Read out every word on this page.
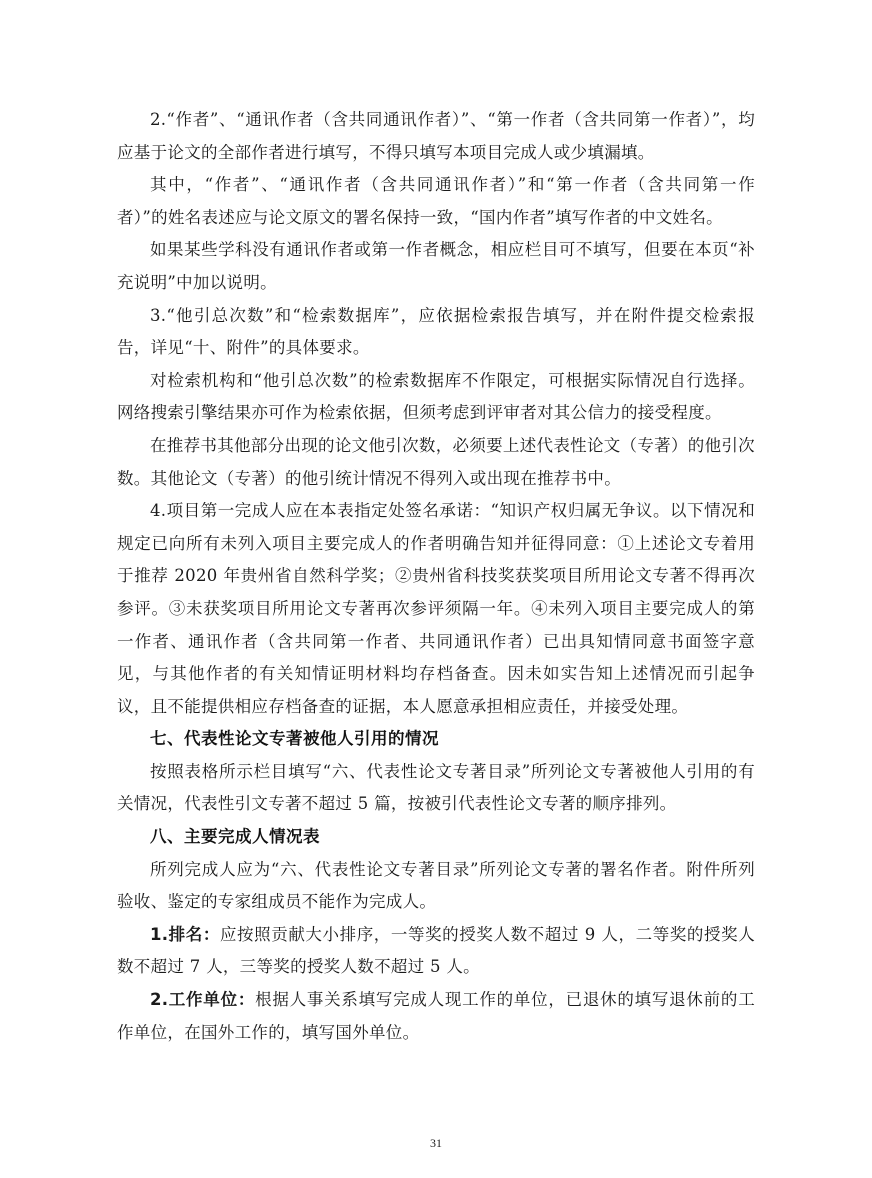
2.“作者”、“通讯作者（含共同通讯作者）”、“第一作者（含共同第一作者）”，均应基于论文的全部作者进行填写，不得只填写本项目完成人或少填漏填。

其中，“作者”、“通讯作者（含共同通讯作者）”和“第一作者（含共同第一作者）”的姓名表述应与论文原文的署名保持一致，“国内作者”填写作者的中文姓名。

如果某些学科没有通讯作者或第一作者概念，相应栏目可不填写，但要在本页“补充说明”中加以说明。

3.“他引总次数”和“检索数据库”，应依据检索报告填写，并在附件提交检索报告，详见“十、附件”的具体要求。

对检索机构和“他引总次数”的检索数据库不作限定，可根据实际情况自行选择。网络搜索引擎结果亦可作为检索依据，但须考虑到评审者对其公信力的接受程度。

在推荐书其他部分出现的论文他引次数，必须要上述代表性论文（专著）的他引次数。其他论文（专著）的他引统计情况不得列入或出现在推荐书中。

4.项目第一完成人应在本表指定处签名承诺：“知识产权归属无争议。以下情况和规定已向所有未列入项目主要完成人的作者明确告知并征得同意：①上述论文专着用于推荐 2020 年贵州省自然科学奖；②贵州省科技奖获奖项目所用论文专著不得再次参评。③未获奖项目所用论文专著再次参评须隔一年。④未列入项目主要完成人的第一作者、通讯作者（含共同第一作者、共同通讯作者）已出具知情同意书面签字意见，与其他作者的有关知情证明材料均存档备查。因未如实告知上述情况而引起争议，且不能提供相应存档备查的证据，本人愿意承担相应责任，并接受处理。

七、代表性论文专著被他人引用的情况

按照表格所示栏目填写“六、代表性论文专著目录”所列论文专著被他人引用的有关情况，代表性引文专著不超过 5 篇，按被引代表性论文专著的顺序排列。

八、主要完成人情况表

所列完成人应为“六、代表性论文专著目录”所列论文专著的署名作者。附件所列验收、鉴定的专家组成员不能作为完成人。

1.排名：应按照贡献大小排序，一等奖的授奖人数不超过 9 人，二等奖的授奖人数不超过 7 人，三等奖的授奖人数不超过 5 人。

2.工作单位：根据人事关系填写完成人现工作的单位，已退休的填写退休前的工作单位，在国外工作的，填写国外单位。

31
